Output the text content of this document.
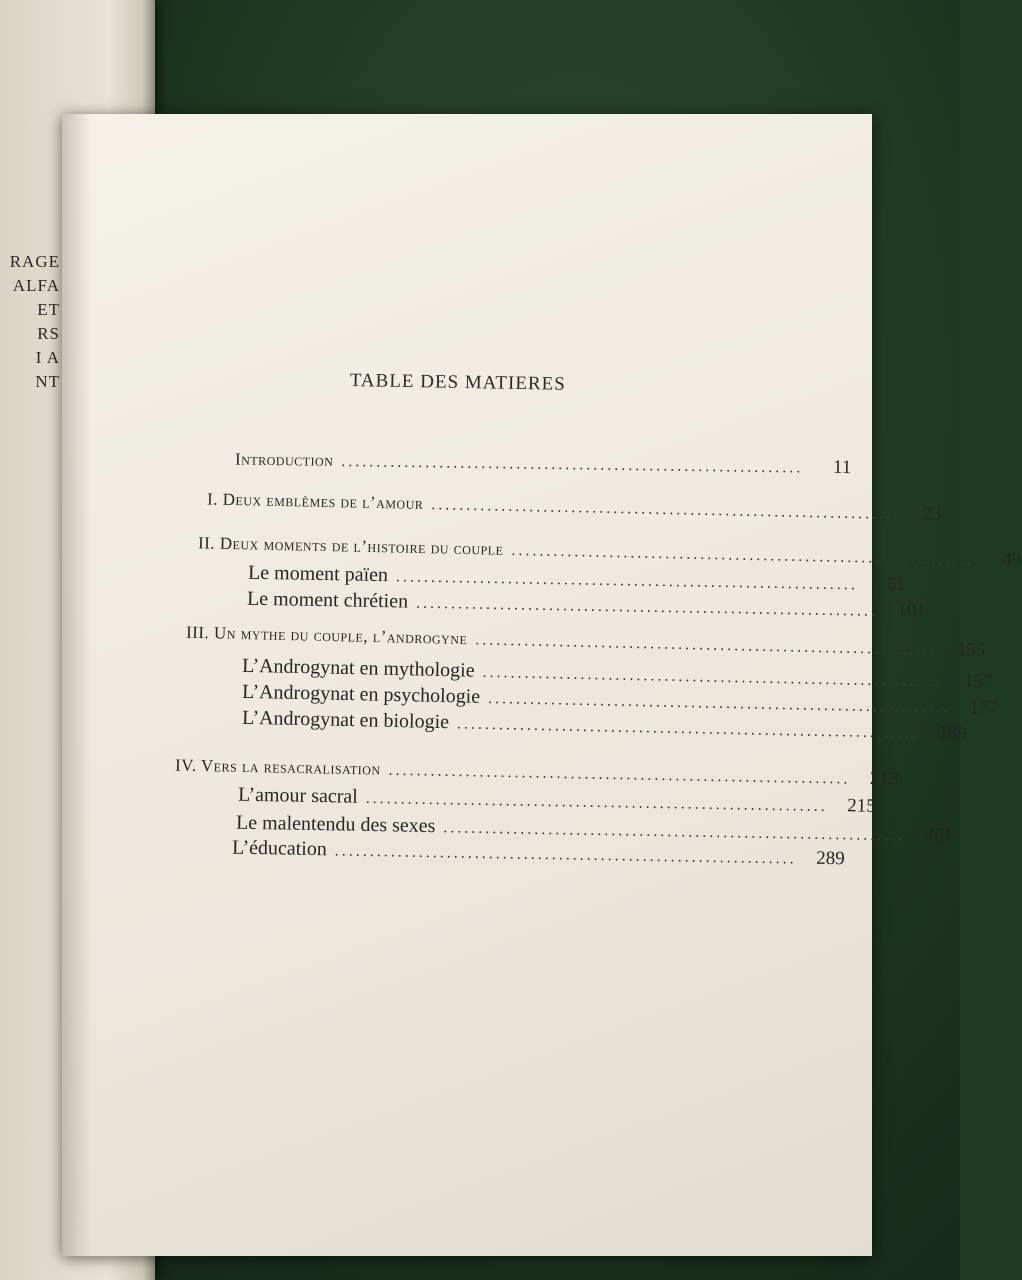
RAGE
ALFA
ET
RS
I A
NT	TABLE DES MATIERES
Introduction ..................................................................	11
I. Deux emblèmes de l’amour ..................................................................	23
II. Deux moments de l’histoire du couple ..................................................................	49
Le moment païen ..................................................................	51
Le moment chrétien ..................................................................	101
III. Un mythe du couple, l’androgyne ..................................................................	155
L’Androgynat en mythologie ..................................................................	157
L’Androgynat en psychologie ..................................................................	177
L’Androgynat en biologie ..................................................................	189
IV. Vers la resacralisation ..................................................................	213
L’amour sacral ..................................................................	215
Le malentendu des sexes ..................................................................	261
L’éducation ..................................................................	289
